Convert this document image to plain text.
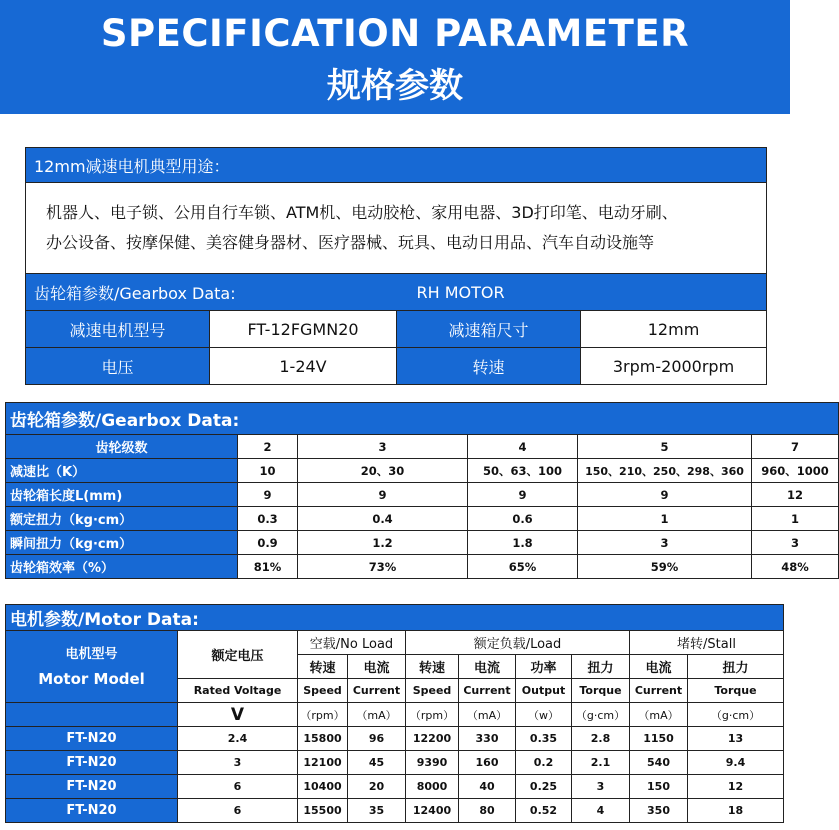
SPECIFICATION PARAMETER
规格参数
12mm减速电机典型用途：			

机器人、电子锁、公用自行车锁、ATM机、电动胶枪、家用电器、3D打印笔、电动牙刷、
办公设备、按摩保健、美容健身器材、医疗器械、玩具、电动日用品、汽车自动设施等			

齿轮箱参数/Gearbox Data:		RH MOTOR	
减速电机型号	FT-12FGMN20	减速箱尺寸	12mm
电压	1-24V	转速	3rpm-2000rpm
齿轮箱参数/Gearbox Data:					
齿轮级数	2	3	4	5	7
减速比（K）	10	20、30	50、63、100	150、210、250、298、360	960、1000
齿轮箱长度L(mm)	9	9	9	9	12
额定扭力（kg·cm）	0.3	0.4	0.6	1	1
瞬间扭力（kg·cm）	0.9	1.2	1.8	3	3
齿轮箱效率（%）	81%	73%	65%	59%	48%
电机参数/Motor Data:									

电机型号
Motor Model	额定电压	空载/No Load		额定负载/Load				堵转/Stall	
		转速	电流	转速	电流	功率	扭力	电流	扭力
	Rated Voltage	Speed	Current	Speed	Current	Output	Torque	Current	Torque
	V	（rpm）	（mA）	（rpm）	（mA）	（w）	（g·cm）	（mA）	（g·cm）
FT-N20	2.4	15800	96	12200	330	0.35	2.8	1150	13
FT-N20	3	12100	45	9390	160	0.2	2.1	540	9.4
FT-N20	6	10400	20	8000	40	0.25	3	150	12
FT-N20	6	15500	35	12400	80	0.52	4	350	18
